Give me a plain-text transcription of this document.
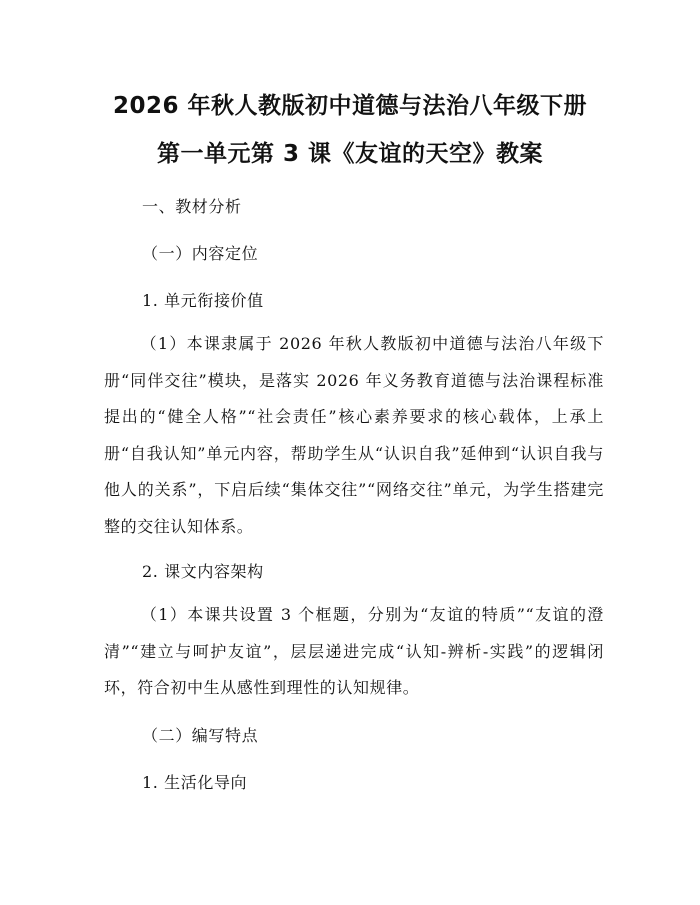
2026 年秋人教版初中道德与法治八年级下册
第一单元第 3 课《友谊的天空》教案
一、教材分析
（一）内容定位
1. 单元衔接价值
（1）本课隶属于 2026 年秋人教版初中道德与法治八年级下册“同伴交往”模块，是落实 2026 年义务教育道德与法治课程标准提出的“健全人格”“社会责任”核心素养要求的核心载体，上承上册“自我认知”单元内容，帮助学生从“认识自我”延伸到“认识自我与他人的关系”，下启后续“集体交往”“网络交往”单元，为学生搭建完整的交往认知体系。
2. 课文内容架构
（1）本课共设置 3 个框题，分别为“友谊的特质”“友谊的澄清”“建立与呵护友谊”，层层递进完成“认知-辨析-实践”的逻辑闭环，符合初中生从感性到理性的认知规律。
（二）编写特点
1. 生活化导向
